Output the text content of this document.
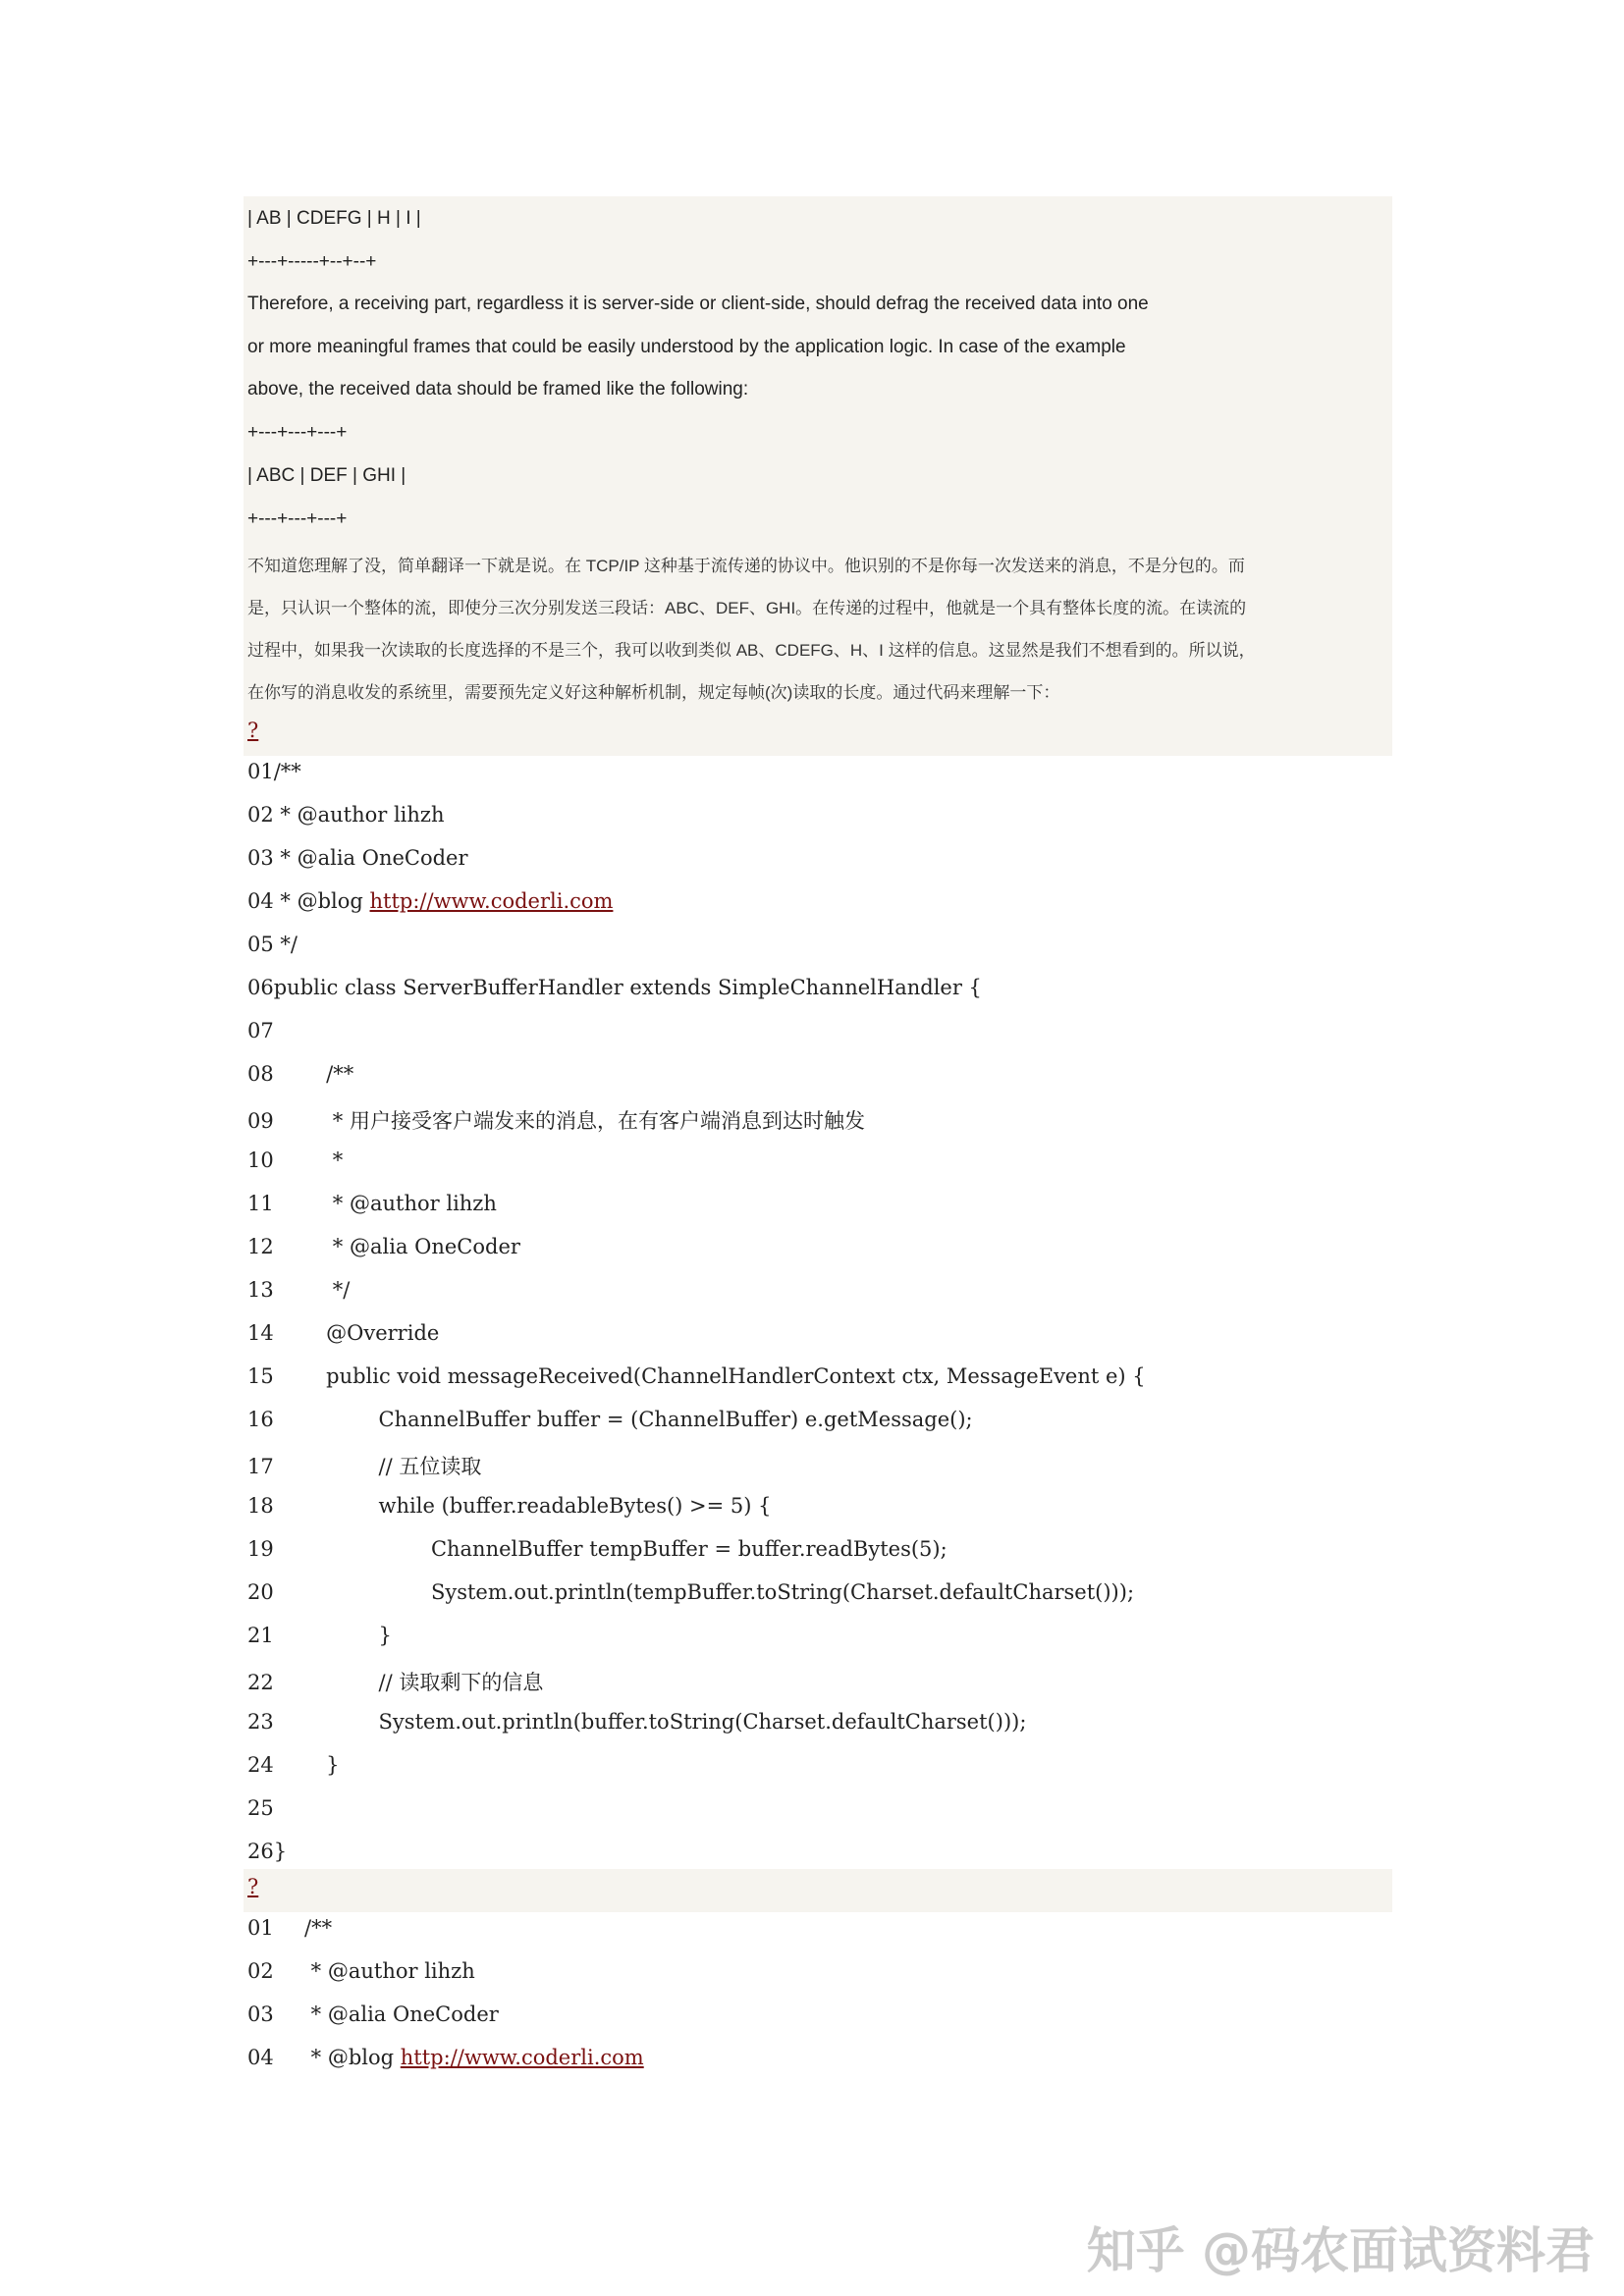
| AB | CDEFG | H | I |
+---+-----+--+--+
Therefore, a receiving part, regardless it is server-side or client-side, should defrag the received data into one
or more meaningful frames that could be easily understood by the application logic. In case of the example
above, the received data should be framed like the following:
+---+---+---+
| ABC | DEF | GHI |
+---+---+---+
不知道您理解了没，简单翻译一下就是说。在 TCP/IP 这种基于流传递的协议中。他识别的不是你每一次发送来的消息，不是分包的。而
是，只认识一个整体的流，即使分三次分别发送三段话：ABC、DEF、GHI。在传递的过程中，他就是一个具有整体长度的流。在读流的
过程中，如果我一次读取的长度选择的不是三个，我可以收到类似 AB、CDEFG、H、I 这样的信息。这显然是我们不想看到的。所以说，
在你写的消息收发的系统里，需要预先定义好这种解析机制，规定每帧(次)读取的长度。通过代码来理解一下：
?
01/**
02 * @author lihzh
03 * @alia OneCoder
04 * @blog http://www.coderli.com
05 */
06public class ServerBufferHandler extends SimpleChannelHandler {
07
08        /**
09         * 用户接受客户端发来的消息，在有客户端消息到达时触发
10         *
11         * @author lihzh
12         * @alia OneCoder
13         */
14        @Override
15        public void messageReceived(ChannelHandlerContext ctx, MessageEvent e) {
16                ChannelBuffer buffer = (ChannelBuffer) e.getMessage();
17                // 五位读取
18                while (buffer.readableBytes() >= 5) {
19                        ChannelBuffer tempBuffer = buffer.readBytes(5);
20                        System.out.println(tempBuffer.toString(Charset.defaultCharset()));
21                }
22                // 读取剩下的信息
23                System.out.println(buffer.toString(Charset.defaultCharset()));
24        }
25
26}
?
01 /**
02 * @author lihzh
03 * @alia OneCoder
04 * @blog http://www.coderli.com
知乎 @码农面试资料君
